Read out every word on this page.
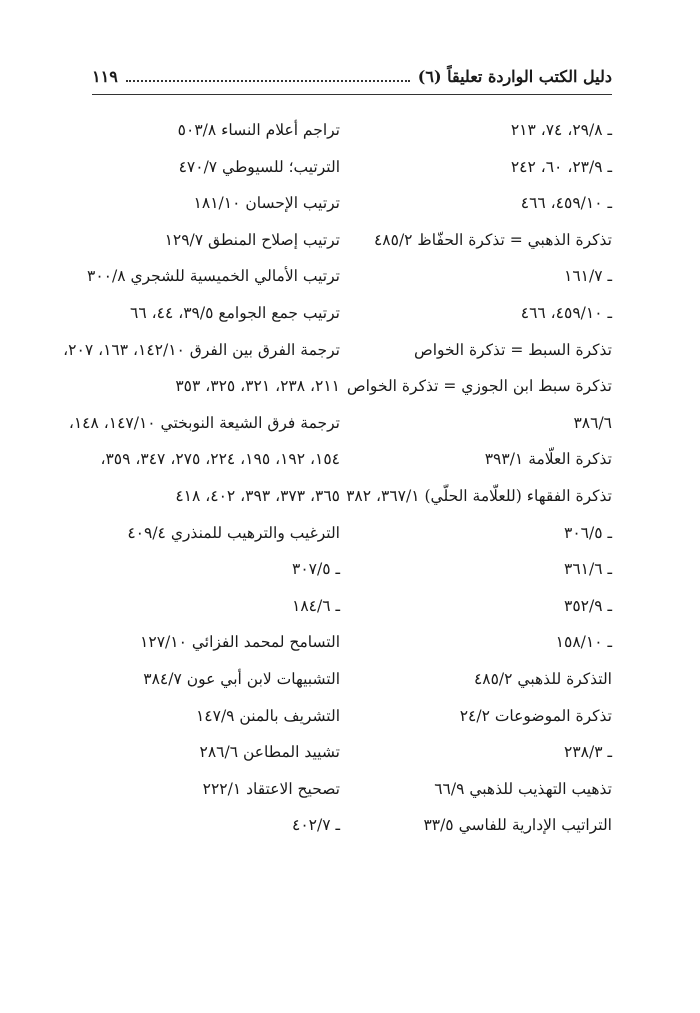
دليل الكتب الواردة تعليقاً (٦)
١١٩
ـ ٢٩/٨، ٧٤، ٢١٣
ـ ٢٣/٩، ٦٠، ٢٤٢
ـ ٤٥٩/١٠، ٤٦٦
تذكرة الذهبي = تذكرة الحفّاظ ٤٨٥/٢
ـ ١٦١/٧
ـ ٤٥٩/١٠، ٤٦٦
تذكرة السبط = تذكرة الخواص
تذكرة سبط ابن الجوزي = تذكرة الخواص
٣٨٦/٦
تذكرة العلّامة ٣٩٣/١
تذكرة الفقهاء (للعلّامة الحلّي) ٣٦٧/١، ٣٨٢
ـ ٣٠٦/٥
ـ ٣٦١/٦
ـ ٣٥٢/٩
ـ ١٥٨/١٠
التذكرة للذهبي ٤٨٥/٢
تذكرة الموضوعات ٢٤/٢
ـ ٢٣٨/٣
تذهيب التهذيب للذهبي ٦٦/٩
التراتيب الإدارية للفاسي ٣٣/٥
تراجم أعلام النساء ٥٠٣/٨
الترتيب؛ للسيوطي ٤٧٠/٧
ترتيب الإحسان ١٨١/١٠
ترتيب إصلاح المنطق ١٢٩/٧
ترتيب الأمالي الخميسية للشجري ٣٠٠/٨
ترتيب جمع الجوامع ٣٩/٥، ٤٤، ٦٦
ترجمة الفرق بين الفرق ١٤٢/١٠، ١٦٣، ٢٠٧،
٢١١، ٢٣٨، ٣٢١، ٣٢٥، ٣٥٣
ترجمة فرق الشيعة النوبختي ١٤٧/١٠، ١٤٨،
١٥٤، ١٩٢، ١٩٥، ٢٢٤، ٢٧٥، ٣٤٧، ٣٥٩،
٣٦٥، ٣٧٣، ٣٩٣، ٤٠٢، ٤١٨
الترغيب والترهيب للمنذري ٤٠٩/٤
ـ ٣٠٧/٥
ـ ١٨٤/٦
التسامح لمحمد الفزائي ١٢٧/١٠
التشبيهات لابن أبي عون ٣٨٤/٧
التشريف بالمنن ١٤٧/٩
تشييد المطاعن ٢٨٦/٦
تصحيح الاعتقاد ٢٢٢/١
ـ ٤٠٢/٧
